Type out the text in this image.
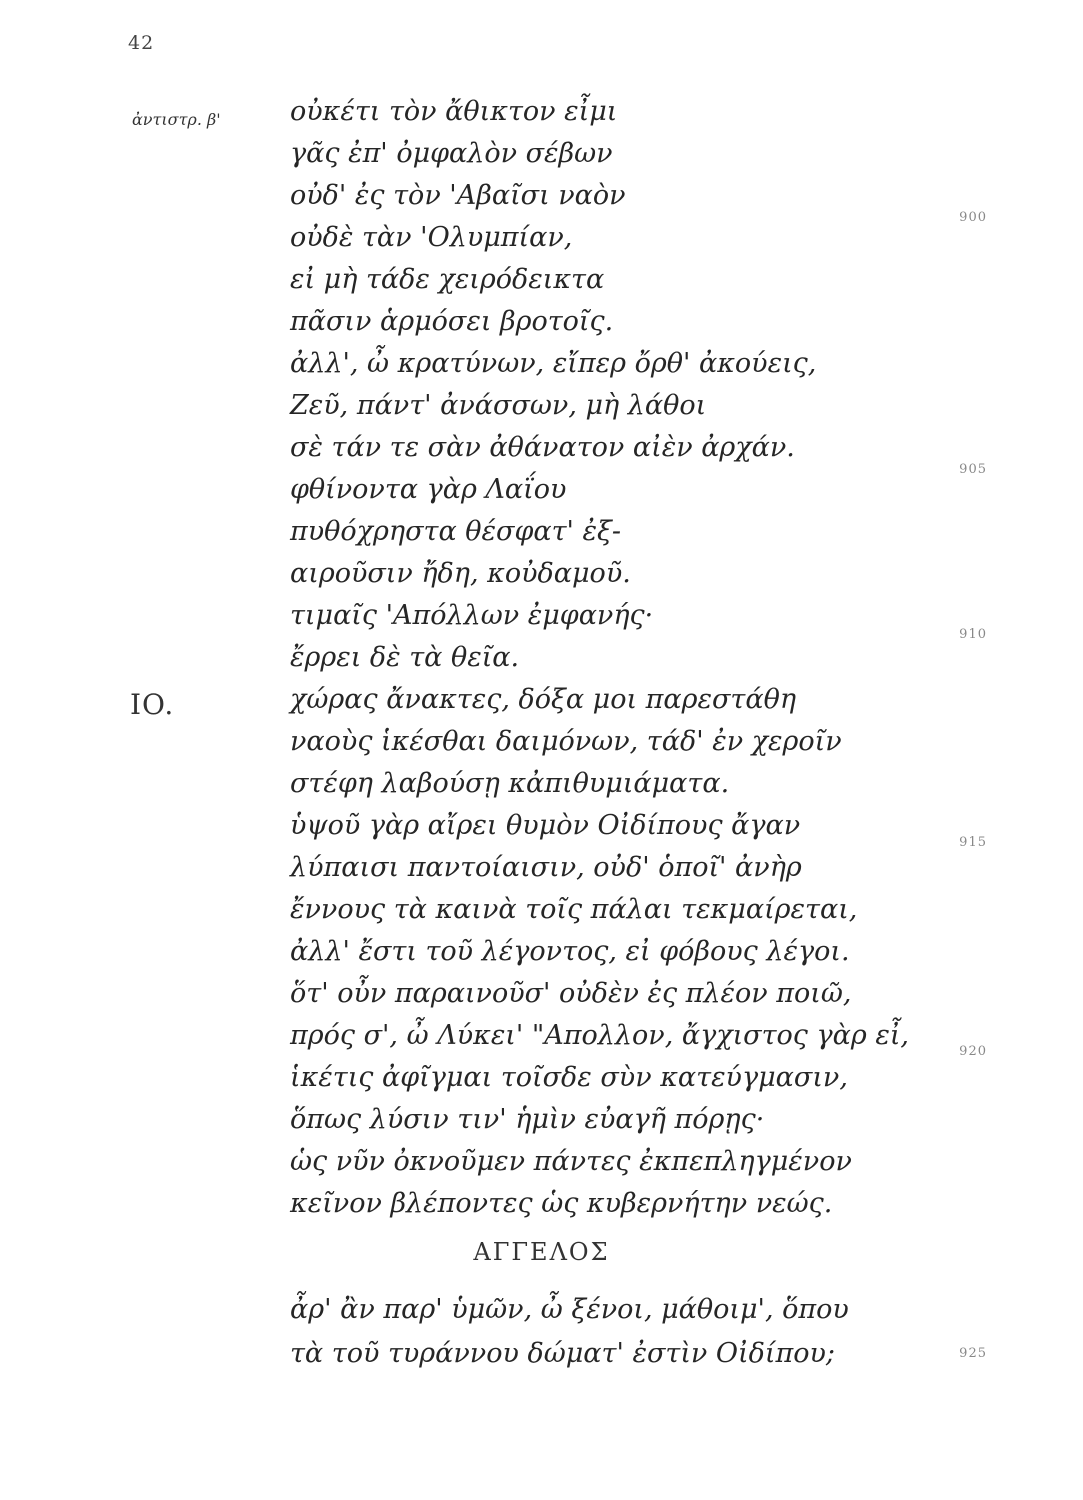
42
ἀντιστρ. β'
IO.
οὐκέτι τὸν ἄθικτον εἶμι
γᾶς ἐπ' ὀμφαλὸν σέβων
οὐδ' ἐς τὸν 'Αβαῖσι ναὸν
οὐδὲ τὰν 'Ολυμπίαν,
εἰ μὴ τάδε χειρόδεικτα
πᾶσιν ἁρμόσει βροτοῖς.
ἀλλ', ὦ κρατύνων, εἴπερ ὄρθ' ἀκούεις,
Ζεῦ, πάντ' ἀνάσσων, μὴ λάθοι
σὲ τάν τε σὰν ἀθάνατον αἰὲν ἀρχάν.
φθίνοντα γὰρ Λαΐου
πυθόχρηστα θέσφατ' ἐξ-
αιροῦσιν ἤδη, κοὐδαμοῦ.
τιμαῖς 'Απόλλων ἐμφανής·
ἔρρει δὲ τὰ θεῖα.
χώρας ἄνακτες, δόξα μοι παρεστάθη
ναοὺς ἱκέσθαι δαιμόνων, τάδ' ἐν χεροῖν
στέφη λαβούσῃ κἀπιθυμιάματα.
ὑψοῦ γὰρ αἴρει θυμὸν Οἰδίπους ἄγαν
λύπαισι παντοίαισιν, οὐδ' ὁποῖ' ἀνὴρ
ἔννους τὰ καινὰ τοῖς πάλαι τεκμαίρεται,
ἀλλ' ἔστι τοῦ λέγοντος, εἰ φόβους λέγοι.
ὅτ' οὖν παραινοῦσ' οὐδὲν ἐς πλέον ποιῶ,
πρός σ', ὦ Λύκει' "Απολλον, ἄγχιστος γὰρ εἶ,
ἱκέτις ἀφῖγμαι τοῖσδε σὺν κατεύγμασιν,
ὅπως λύσιν τιν' ἡμὶν εὐαγῆ πόρῃς·
ὡς νῦν ὀκνοῦμεν πάντες ἐκπεπληγμένον
κεῖνον βλέποντες ὡς κυβερνήτην νεώς.
ΑΓΓΕΛΟΣ
ἆρ' ἂν παρ' ὑμῶν, ὦ ξένοι, μάθοιμ', ὅπου
τὰ τοῦ τυράννου δώματ' ἐστὶν Οἰδίπου;
900
905
910
915
920
925
